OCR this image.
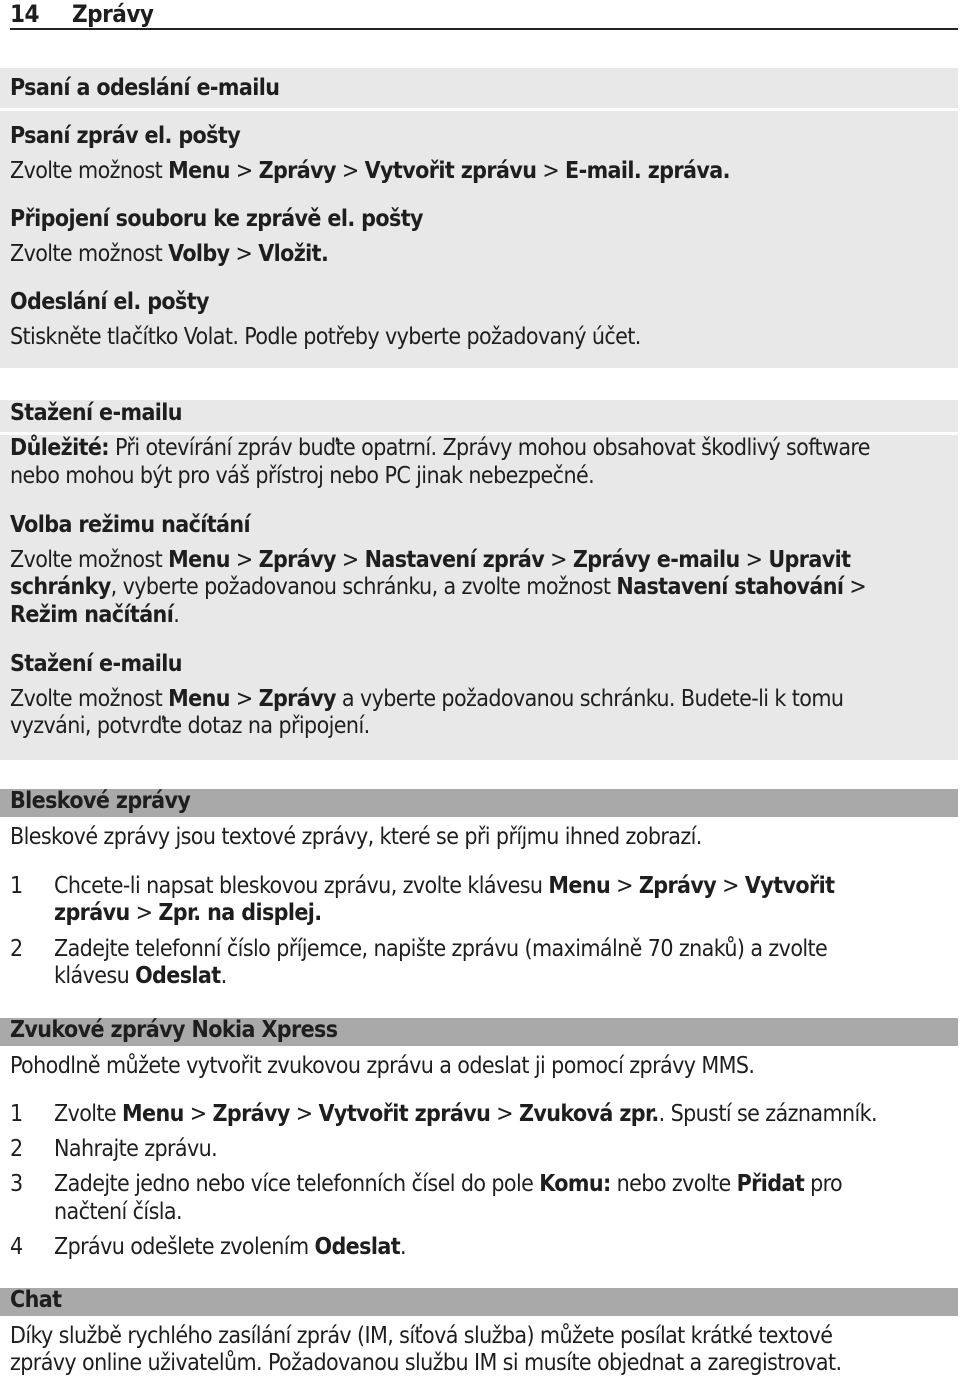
14 Zprávy
Psaní a odeslání e-mailu
Psaní zpráv el. pošty
Zvolte možnost Menu > Zprávy > Vytvořit zprávu > E-mail. zpráva.
Připojení souboru ke zprávě el. pošty
Zvolte možnost Volby > Vložit.
Odeslání el. pošty
Stiskněte tlačítko Volat. Podle potřeby vyberte požadovaný účet.
Stažení e-mailu
Důležité: Při otevírání zpráv buďte opatrní. Zprávy mohou obsahovat škodlivý software
nebo mohou být pro váš přístroj nebo PC jinak nebezpečné.
Volba režimu načítání
Zvolte možnost Menu > Zprávy > Nastavení zpráv > Zprávy e-mailu > Upravit
schránky, vyberte požadovanou schránku, a zvolte možnost Nastavení stahování >
Režim načítání.
Stažení e-mailu
Zvolte možnost Menu > Zprávy a vyberte požadovanou schránku. Budete-li k tomu
vyzváni, potvrďte dotaz na připojení.
Bleskové zprávy
Bleskové zprávy jsou textové zprávy, které se při příjmu ihned zobrazí.
1 Chcete-li napsat bleskovou zprávu, zvolte klávesu Menu > Zprávy > Vytvořit
zprávu > Zpr. na displej.
2 Zadejte telefonní číslo příjemce, napište zprávu (maximálně 70 znaků) a zvolte
klávesu Odeslat.
Zvukové zprávy Nokia Xpress
Pohodlně můžete vytvořit zvukovou zprávu a odeslat ji pomocí zprávy MMS.
1 Zvolte Menu > Zprávy > Vytvořit zprávu > Zvuková zpr.. Spustí se záznamník.
2 Nahrajte zprávu.
3 Zadejte jedno nebo více telefonních čísel do pole Komu: nebo zvolte Přidat pro
načtení čísla.
4 Zprávu odešlete zvolením Odeslat.
Chat
Díky službě rychlého zasílání zpráv (IM, síťová služba) můžete posílat krátké textové
zprávy online uživatelům. Požadovanou službu IM si musíte objednat a zaregistrovat.
